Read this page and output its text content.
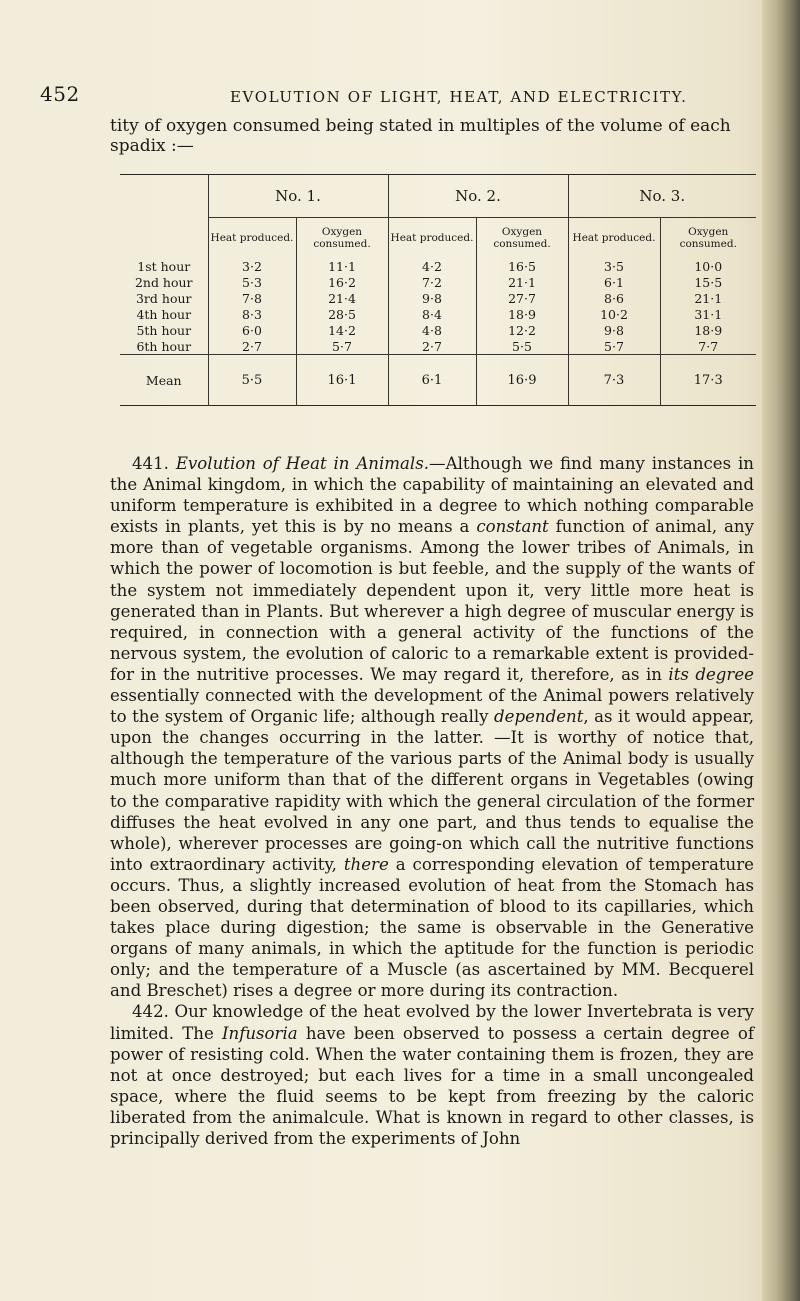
452	EVOLUTION OF LIGHT, HEAT, AND ELECTRICITY.
tity of oxygen consumed being stated in multiples of the volume of each spadix :—

	No. 1.		No. 2.		No. 3.	
	Heat produced.	Oxygen consumed.	Heat produced.	Oxygen consumed.	Heat produced.	Oxygen consumed.
1st hour	3·2	11·1	4·2	16·5	3·5	10·0
2nd hour	5·3	16·2	7·2	21·1	6·1	15·5
3rd hour	7·8	21·4	9·8	27·7	8·6	21·1
4th hour	8·3	28·5	8·4	18·9	10·2	31·1
5th hour	6·0	14·2	4·8	12·2	9·8	18·9
6th hour	2·7	5·7	2·7	5·5	5·7	7·7
Mean	5·5	16·1	6·1	16·9	7·3	17·3

441. Evolution of Heat in Animals.—Although we find many instances in the Animal kingdom, in which the capability of maintaining an elevated and uniform temperature is exhibited in a degree to which nothing comparable exists in plants, yet this is by no means a constant function of animal, any more than of vegetable organisms. Among the lower tribes of Animals, in which the power of locomotion is but feeble, and the supply of the wants of the system not immediately dependent upon it, very little more heat is generated than in Plants. But wherever a high degree of muscular energy is required, in connection with a general activity of the functions of the nervous system, the evolution of caloric to a remarkable extent is provided-for in the nutritive processes. We may regard it, therefore, as in its degree essentially connected with the development of the Animal powers relatively to the system of Organic life; although really dependent, as it would appear, upon the changes occurring in the latter. —It is worthy of notice that, although the temperature of the various parts of the Animal body is usually much more uniform than that of the different organs in Vegetables (owing to the comparative rapidity with which the general circulation of the former diffuses the heat evolved in any one part, and thus tends to equalise the whole), wherever processes are going-on which call the nutritive functions into extraordinary activity, there a corresponding elevation of temperature occurs. Thus, a slightly increased evolution of heat from the Stomach has been observed, during that determination of blood to its capillaries, which takes place during digestion; the same is observable in the Generative organs of many animals, in which the aptitude for the function is periodic only; and the temperature of a Muscle (as ascertained by MM. Becquerel and Breschet) rises a degree or more during its contraction.

442. Our knowledge of the heat evolved by the lower Invertebrata is very limited. The Infusoria have been observed to possess a certain degree of power of resisting cold. When the water containing them is frozen, they are not at once destroyed; but each lives for a time in a small uncongealed space, where the fluid seems to be kept from freezing by the caloric liberated from the animalcule. What is known in regard to other classes, is principally derived from the experiments of John
